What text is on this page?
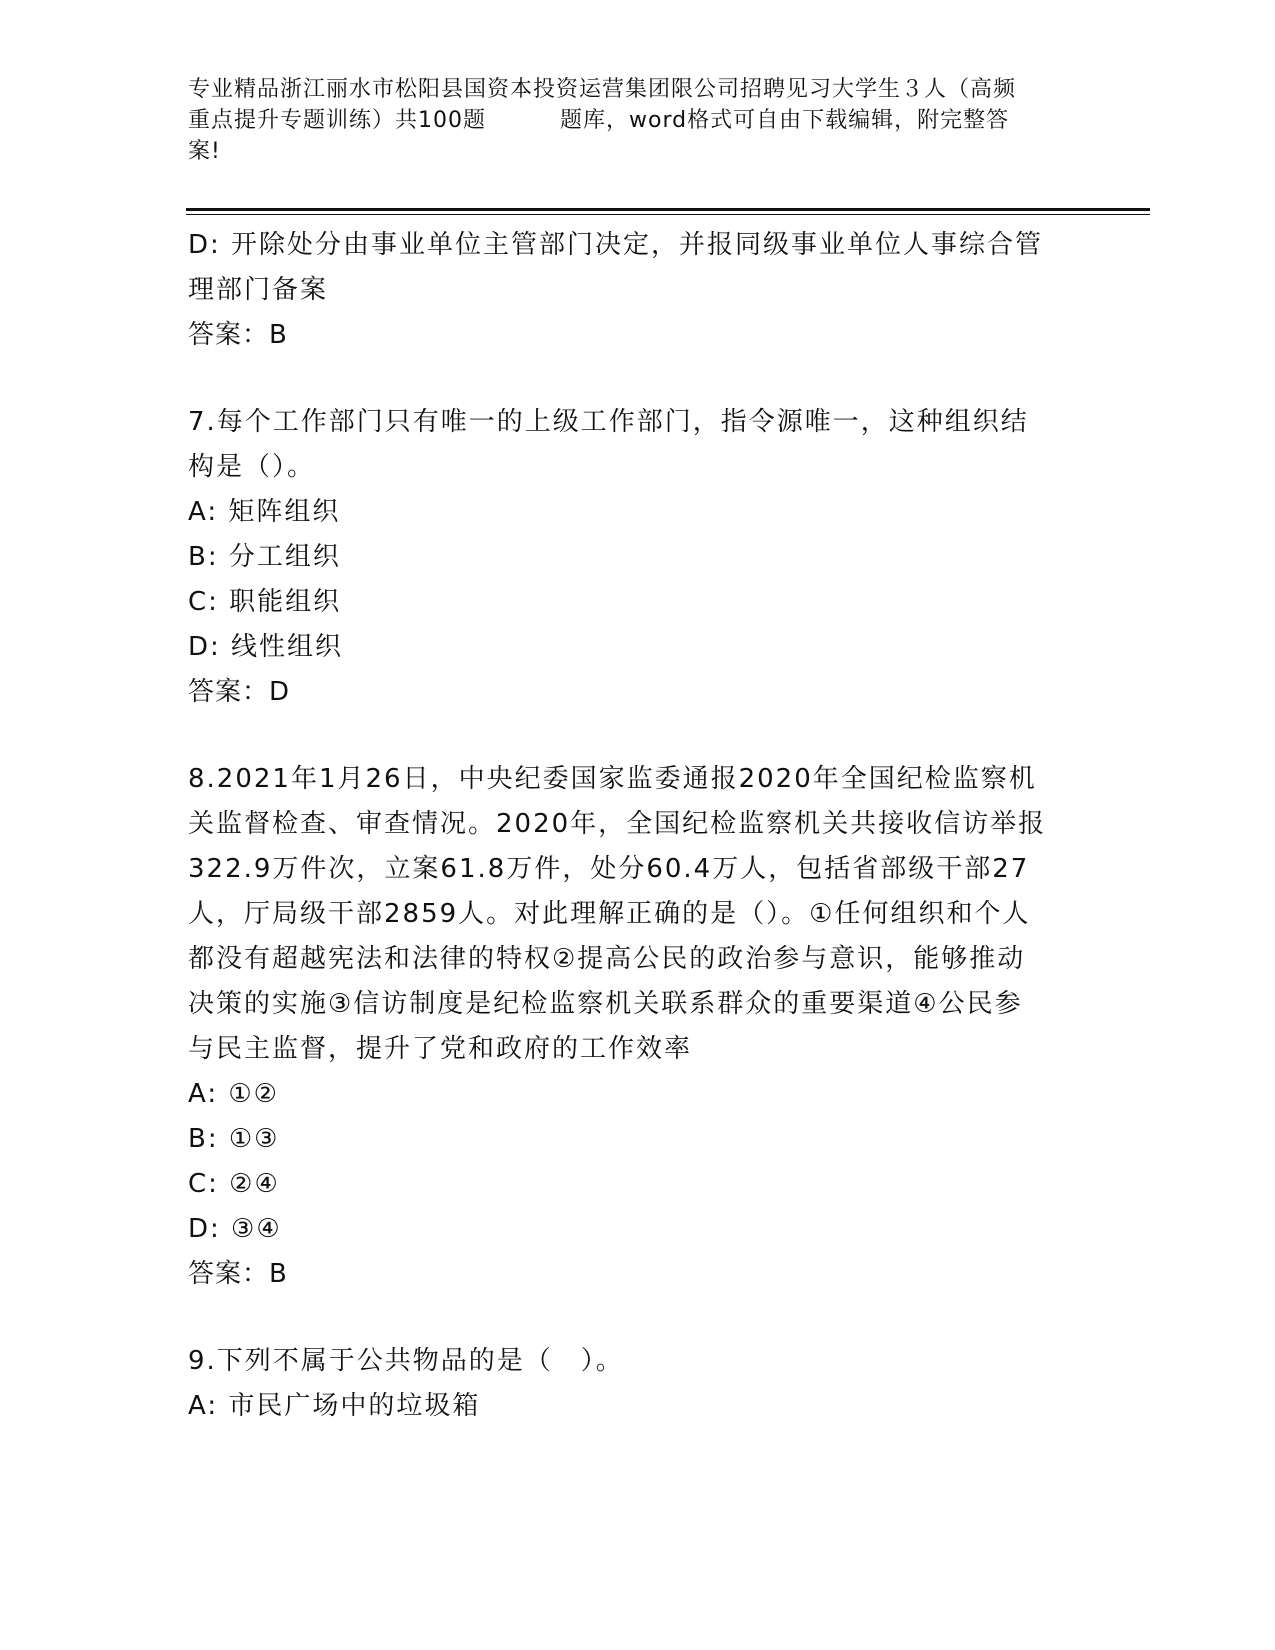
专业精品浙江丽水市松阳县国资本投资运营集团限公司招聘见习大学生３人（高频
重点提升专题训练）共100题	题库，word格式可自由下载编辑，附完整答
案!
D: 开除处分由事业单位主管部门决定，并报同级事业单位人事综合管
理部门备案
答案：B
7.每个工作部门只有唯一的上级工作部门，指令源唯一，这种组织结
构是（）。
A: 矩阵组织
B: 分工组织
C: 职能组织
D: 线性组织
答案：D
8.2021年1月26日，中央纪委国家监委通报2020年全国纪检监察机
关监督检查、审查情况。2020年，全国纪检监察机关共接收信访举报
322.9万件次，立案61.8万件，处分60.4万人，包括省部级干部27
人，厅局级干部2859人。对此理解正确的是（）。①任何组织和个人
都没有超越宪法和法律的特权②提高公民的政治参与意识，能够推动
决策的实施③信访制度是纪检监察机关联系群众的重要渠道④公民参
与民主监督，提升了党和政府的工作效率
A: ①②
B: ①③
C: ②④
D: ③④
答案：B
9.下列不属于公共物品的是（　）。
A: 市民广场中的垃圾箱
